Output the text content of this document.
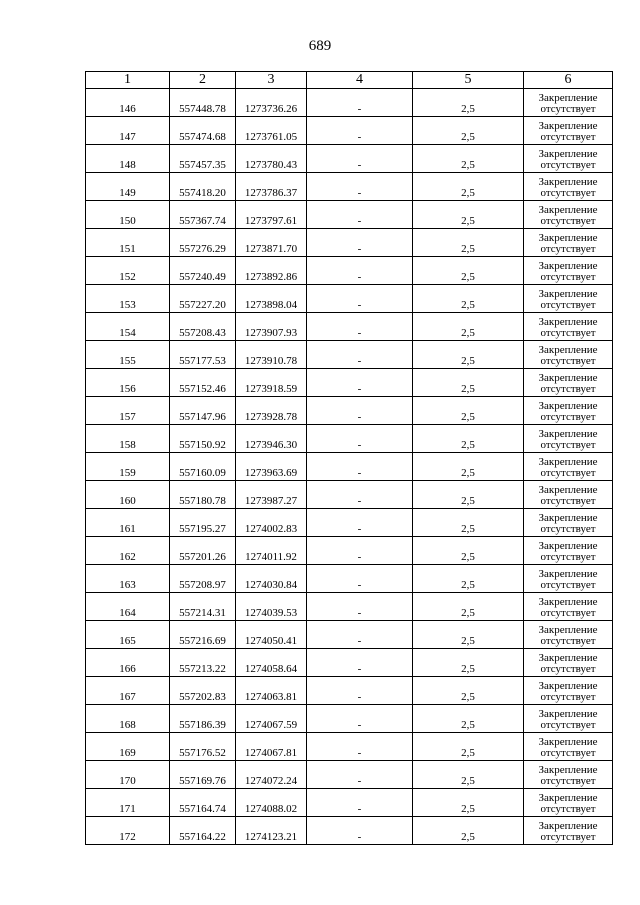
689
1	2	3	4	5	6
146	557448.78	1273736.26	-	2,5	Закрепление
отсутствует

147	557474.68	1273761.05	-	2,5	Закрепление
отсутствует

148	557457.35	1273780.43	-	2,5	Закрепление
отсутствует

149	557418.20	1273786.37	-	2,5	Закрепление
отсутствует

150	557367.74	1273797.61	-	2,5	Закрепление
отсутствует

151	557276.29	1273871.70	-	2,5	Закрепление
отсутствует

152	557240.49	1273892.86	-	2,5	Закрепление
отсутствует

153	557227.20	1273898.04	-	2,5	Закрепление
отсутствует

154	557208.43	1273907.93	-	2,5	Закрепление
отсутствует

155	557177.53	1273910.78	-	2,5	Закрепление
отсутствует

156	557152.46	1273918.59	-	2,5	Закрепление
отсутствует

157	557147.96	1273928.78	-	2,5	Закрепление
отсутствует

158	557150.92	1273946.30	-	2,5	Закрепление
отсутствует

159	557160.09	1273963.69	-	2,5	Закрепление
отсутствует

160	557180.78	1273987.27	-	2,5	Закрепление
отсутствует

161	557195.27	1274002.83	-	2,5	Закрепление
отсутствует

162	557201.26	1274011.92	-	2,5	Закрепление
отсутствует

163	557208.97	1274030.84	-	2,5	Закрепление
отсутствует

164	557214.31	1274039.53	-	2,5	Закрепление
отсутствует

165	557216.69	1274050.41	-	2,5	Закрепление
отсутствует

166	557213.22	1274058.64	-	2,5	Закрепление
отсутствует

167	557202.83	1274063.81	-	2,5	Закрепление
отсутствует

168	557186.39	1274067.59	-	2,5	Закрепление
отсутствует

169	557176.52	1274067.81	-	2,5	Закрепление
отсутствует

170	557169.76	1274072.24	-	2,5	Закрепление
отсутствует

171	557164.74	1274088.02	-	2,5	Закрепление
отсутствует

172	557164.22	1274123.21	-	2,5	Закрепление
отсутствует
